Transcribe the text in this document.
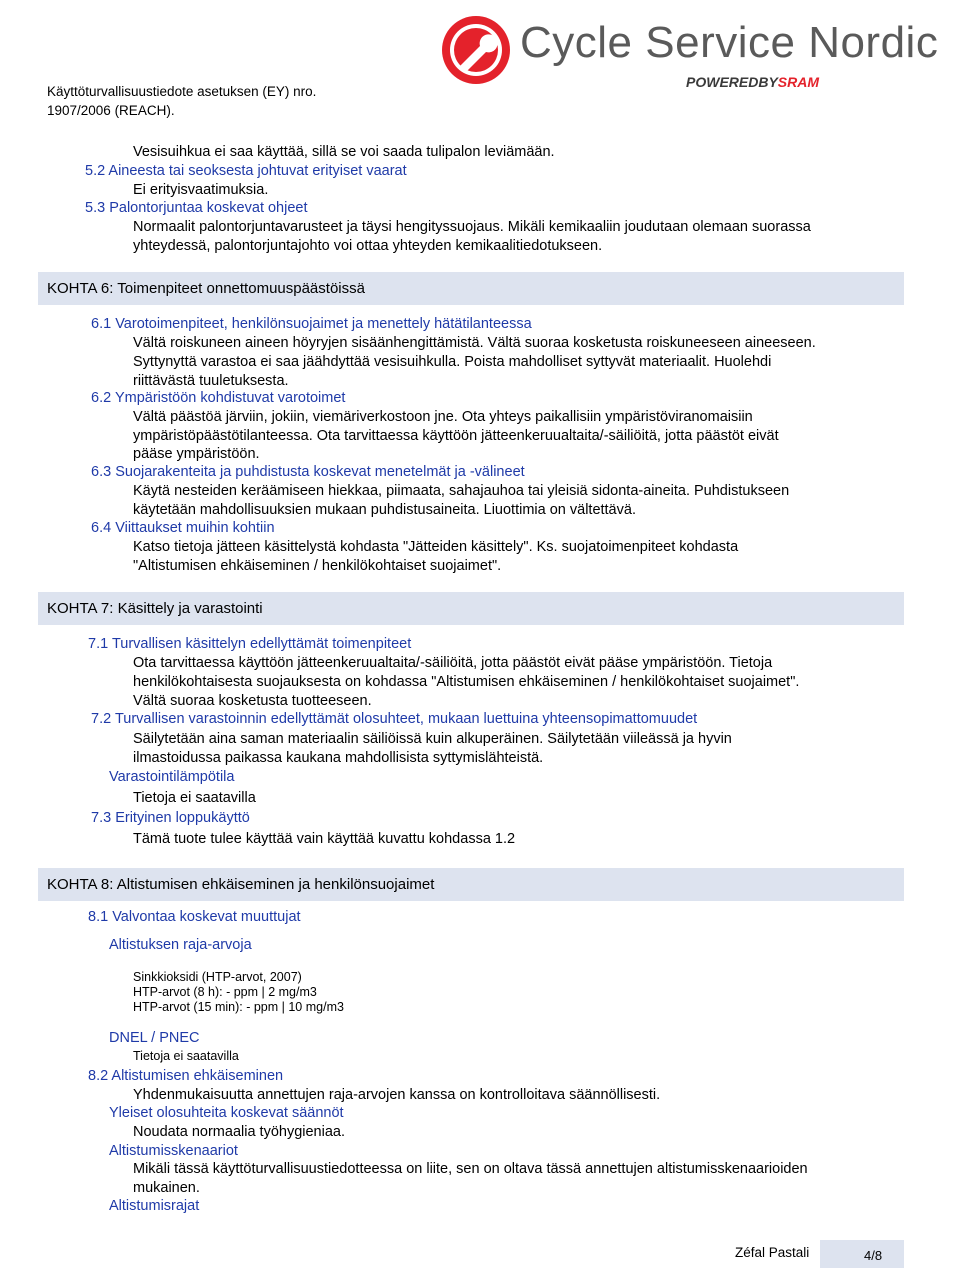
Käyttöturvallisuustiedote asetuksen (EY) nro.
1907/2006 (REACH).
Cycle Service Nordic
POWEREDBYSRAM
Vesisuihkua ei saa käyttää, sillä se voi saada tulipalon leviämään.
5.2 Aineesta tai seoksesta johtuvat erityiset vaarat
Ei erityisvaatimuksia.
5.3 Palontorjuntaa koskevat ohjeet
Normaalit palontorjuntavarusteet ja täysi hengityssuojaus. Mikäli kemikaaliin joudutaan olemaan suorassa
yhteydessä, palontorjuntajohto voi ottaa yhteyden kemikaalitiedotukseen.
KOHTA 6: Toimenpiteet onnettomuuspäästöissä
6.1 Varotoimenpiteet, henkilönsuojaimet ja menettely hätätilanteessa
Vältä roiskuneen aineen höyryjen sisäänhengittämistä. Vältä suoraa kosketusta roiskuneeseen aineeseen.
Syttynyttä varastoa ei saa jäähdyttää vesisuihkulla. Poista mahdolliset syttyvät materiaalit. Huolehdi
riittävästä tuuletuksesta.
6.2 Ympäristöön kohdistuvat varotoimet
Vältä päästöä järviin, jokiin, viemäriverkostoon jne. Ota yhteys paikallisiin ympäristöviranomaisiin
ympäristöpäästötilanteessa. Ota tarvittaessa käyttöön jätteenkeruualtaita/-säiliöitä, jotta päästöt eivät
pääse ympäristöön.
6.3 Suojarakenteita ja puhdistusta koskevat menetelmät ja -välineet
Käytä nesteiden keräämiseen hiekkaa, piimaata, sahajauhoa tai yleisiä sidonta-aineita. Puhdistukseen
käytetään mahdollisuuksien mukaan puhdistusaineita. Liuottimia on vältettävä.
6.4 Viittaukset muihin kohtiin
Katso tietoja jätteen käsittelystä kohdasta "Jätteiden käsittely". Ks. suojatoimenpiteet kohdasta
"Altistumisen ehkäiseminen / henkilökohtaiset suojaimet".
KOHTA 7: Käsittely ja varastointi
7.1 Turvallisen käsittelyn edellyttämät toimenpiteet
Ota tarvittaessa käyttöön jätteenkeruualtaita/-säiliöitä, jotta päästöt eivät pääse ympäristöön. Tietoja
henkilökohtaisesta suojauksesta on kohdassa "Altistumisen ehkäiseminen / henkilökohtaiset suojaimet".
Vältä suoraa kosketusta tuotteeseen.
7.2 Turvallisen varastoinnin edellyttämät olosuhteet, mukaan luettuina yhteensopimattomuudet
Säilytetään aina saman materiaalin säiliöissä kuin alkuperäinen. Säilytetään viileässä ja hyvin
ilmastoidussa paikassa kaukana mahdollisista syttymislähteistä.
Varastointilämpötila
Tietoja ei saatavilla
7.3 Erityinen loppukäyttö
Tämä tuote tulee käyttää vain käyttää kuvattu kohdassa 1.2
KOHTA 8: Altistumisen ehkäiseminen ja henkilönsuojaimet
8.1 Valvontaa koskevat muuttujat
Altistuksen raja-arvoja
Sinkkioksidi (HTP-arvot, 2007)
HTP-arvot (8 h): - ppm | 2 mg/m3
HTP-arvot (15 min): - ppm | 10 mg/m3
DNEL / PNEC
Tietoja ei saatavilla
8.2 Altistumisen ehkäiseminen
Yhdenmukaisuutta annettujen raja-arvojen kanssa on kontrolloitava säännöllisesti.
Yleiset olosuhteita koskevat säännöt
Noudata normaalia työhygieniaa.
Altistumisskenaariot
Mikäli tässä käyttöturvallisuustiedotteessa on liite, sen on oltava tässä annettujen altistumisskenaarioiden
mukainen.
Altistumisrajat
Zéfal Pastali	4/8
